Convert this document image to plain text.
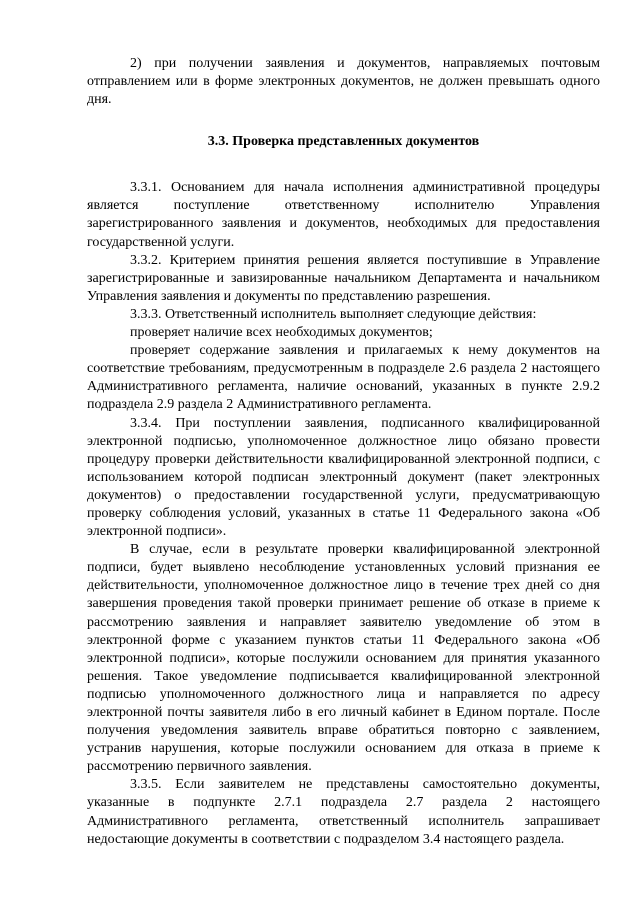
2) при получении заявления и документов, направляемых почтовым отправлением или в форме электронных документов, не должен превышать одного дня.

3.3. Проверка представленных документов

3.3.1. Основанием для начала исполнения административной процедуры является поступление ответственному исполнителю Управления зарегистрированного заявления и документов, необходимых для предоставления государственной услуги.

3.3.2. Критерием принятия решения является поступившие в Управление зарегистрированные и завизированные начальником Департамента и начальником Управления заявления и документы по представлению разрешения.

3.3.3. Ответственный исполнитель выполняет следующие действия:

проверяет наличие всех необходимых документов;

проверяет содержание заявления и прилагаемых к нему документов на соответствие требованиям, предусмотренным в подразделе 2.6 раздела 2 настоящего Административного регламента, наличие оснований, указанных в пункте 2.9.2 подраздела 2.9 раздела 2 Административного регламента.

3.3.4. При поступлении заявления, подписанного квалифицированной электронной подписью, уполномоченное должностное лицо обязано провести процедуру проверки действительности квалифицированной электронной подписи, с использованием которой подписан электронный документ (пакет электронных документов) о предоставлении государственной услуги, предусматривающую проверку соблюдения условий, указанных в статье 11 Федерального закона «Об электронной подписи».

В случае, если в результате проверки квалифицированной электронной подписи, будет выявлено несоблюдение установленных условий признания ее действительности, уполномоченное должностное лицо в течение трех дней со дня завершения проведения такой проверки принимает решение об отказе в приеме к рассмотрению заявления и направляет заявителю уведомление об этом в электронной форме с указанием пунктов статьи 11 Федерального закона «Об электронной подписи», которые послужили основанием для принятия указанного решения. Такое уведомление подписывается квалифицированной электронной подписью уполномоченного должностного лица и направляется по адресу электронной почты заявителя либо в его личный кабинет в Едином портале. После получения уведомления заявитель вправе обратиться повторно с заявлением, устранив нарушения, которые послужили основанием для отказа в приеме к рассмотрению первичного заявления.

3.3.5. Если заявителем не представлены самостоятельно документы, указанные в подпункте 2.7.1 подраздела 2.7 раздела 2 настоящего Административного регламента, ответственный исполнитель запрашивает недостающие документы в соответствии с подразделом 3.4 настоящего раздела.
